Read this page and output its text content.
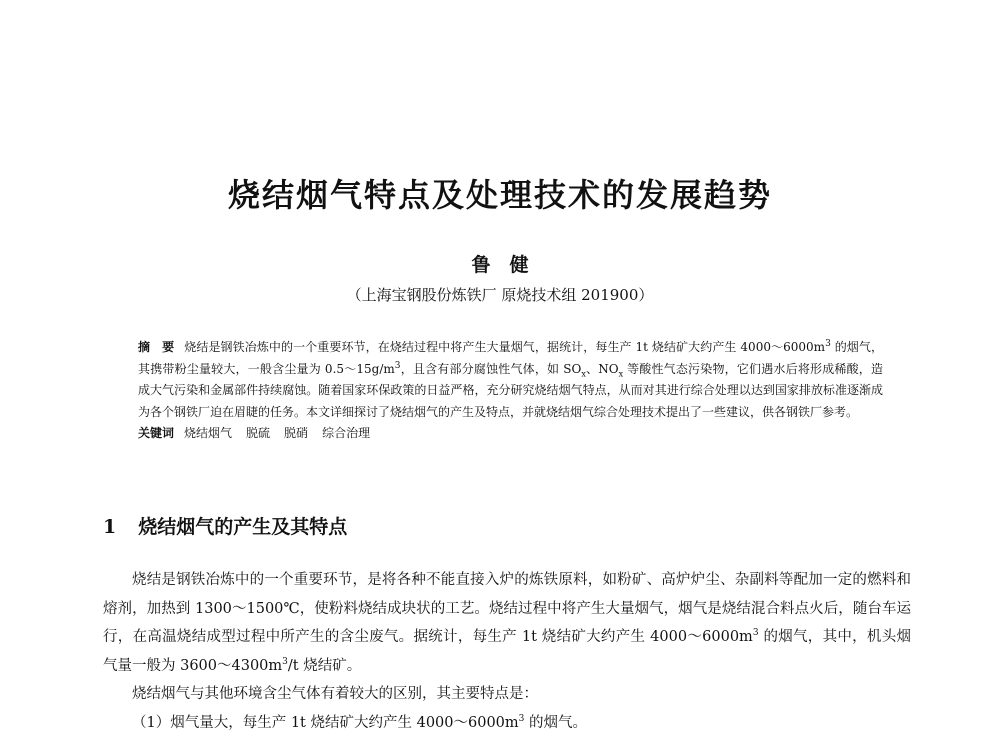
烧结烟气特点及处理技术的发展趋势
鲁　健
（上海宝钢股份炼铁厂 原烧技术组 201900）

摘　要 烧结是钢铁冶炼中的一个重要环节，在烧结过程中将产生大量烟气，据统计，每生产 1t 烧结矿大约产生 $4000\sim 6000m^3$ 的烟气，其携带粉尘量较大，一般含尘量为 $0.5\sim 15g/m^3$，且含有部分腐蚀性气体，如 $SO_x$、$NO_x$ 等酸性气态污染物，它们遇水后将形成稀酸，造成大气污染和金属部件持续腐蚀。随着国家环保政策的日益严格，充分研究烧结烟气特点，从而对其进行综合处理以达到国家排放标准逐渐成为各个钢铁厂迫在眉睫的任务。本文详细探讨了烧结烟气的产生及特点，并就烧结烟气综合处理技术提出了一些建议，供各钢铁厂参考。

关键词 烧结烟气 脱硫 脱硝 综合治理

1 烧结烟气的产生及其特点

烧结是钢铁冶炼中的一个重要环节，是将各种不能直接入炉的炼铁原料，如粉矿、高炉炉尘、杂副料等配加一定的燃料和熔剂，加热到 1300～1500℃，使粉料烧结成块状的工艺。烧结过程中将产生大量烟气，烟气是烧结混合料点火后，随台车运行，在高温烧结成型过程中所产生的含尘废气。据统计，每生产 1t 烧结矿大约产生 $4000\sim 6000m^3$ 的烟气，其中，机头烟气量一般为 $3600\sim 4300m^3/t$ 烧结矿。

烧结烟气与其他环境含尘气体有着较大的区别，其主要特点是：

（1）烟气量大，每生产 1t 烧结矿大约产生 $4000\sim 6000m^3$ 的烟气。
